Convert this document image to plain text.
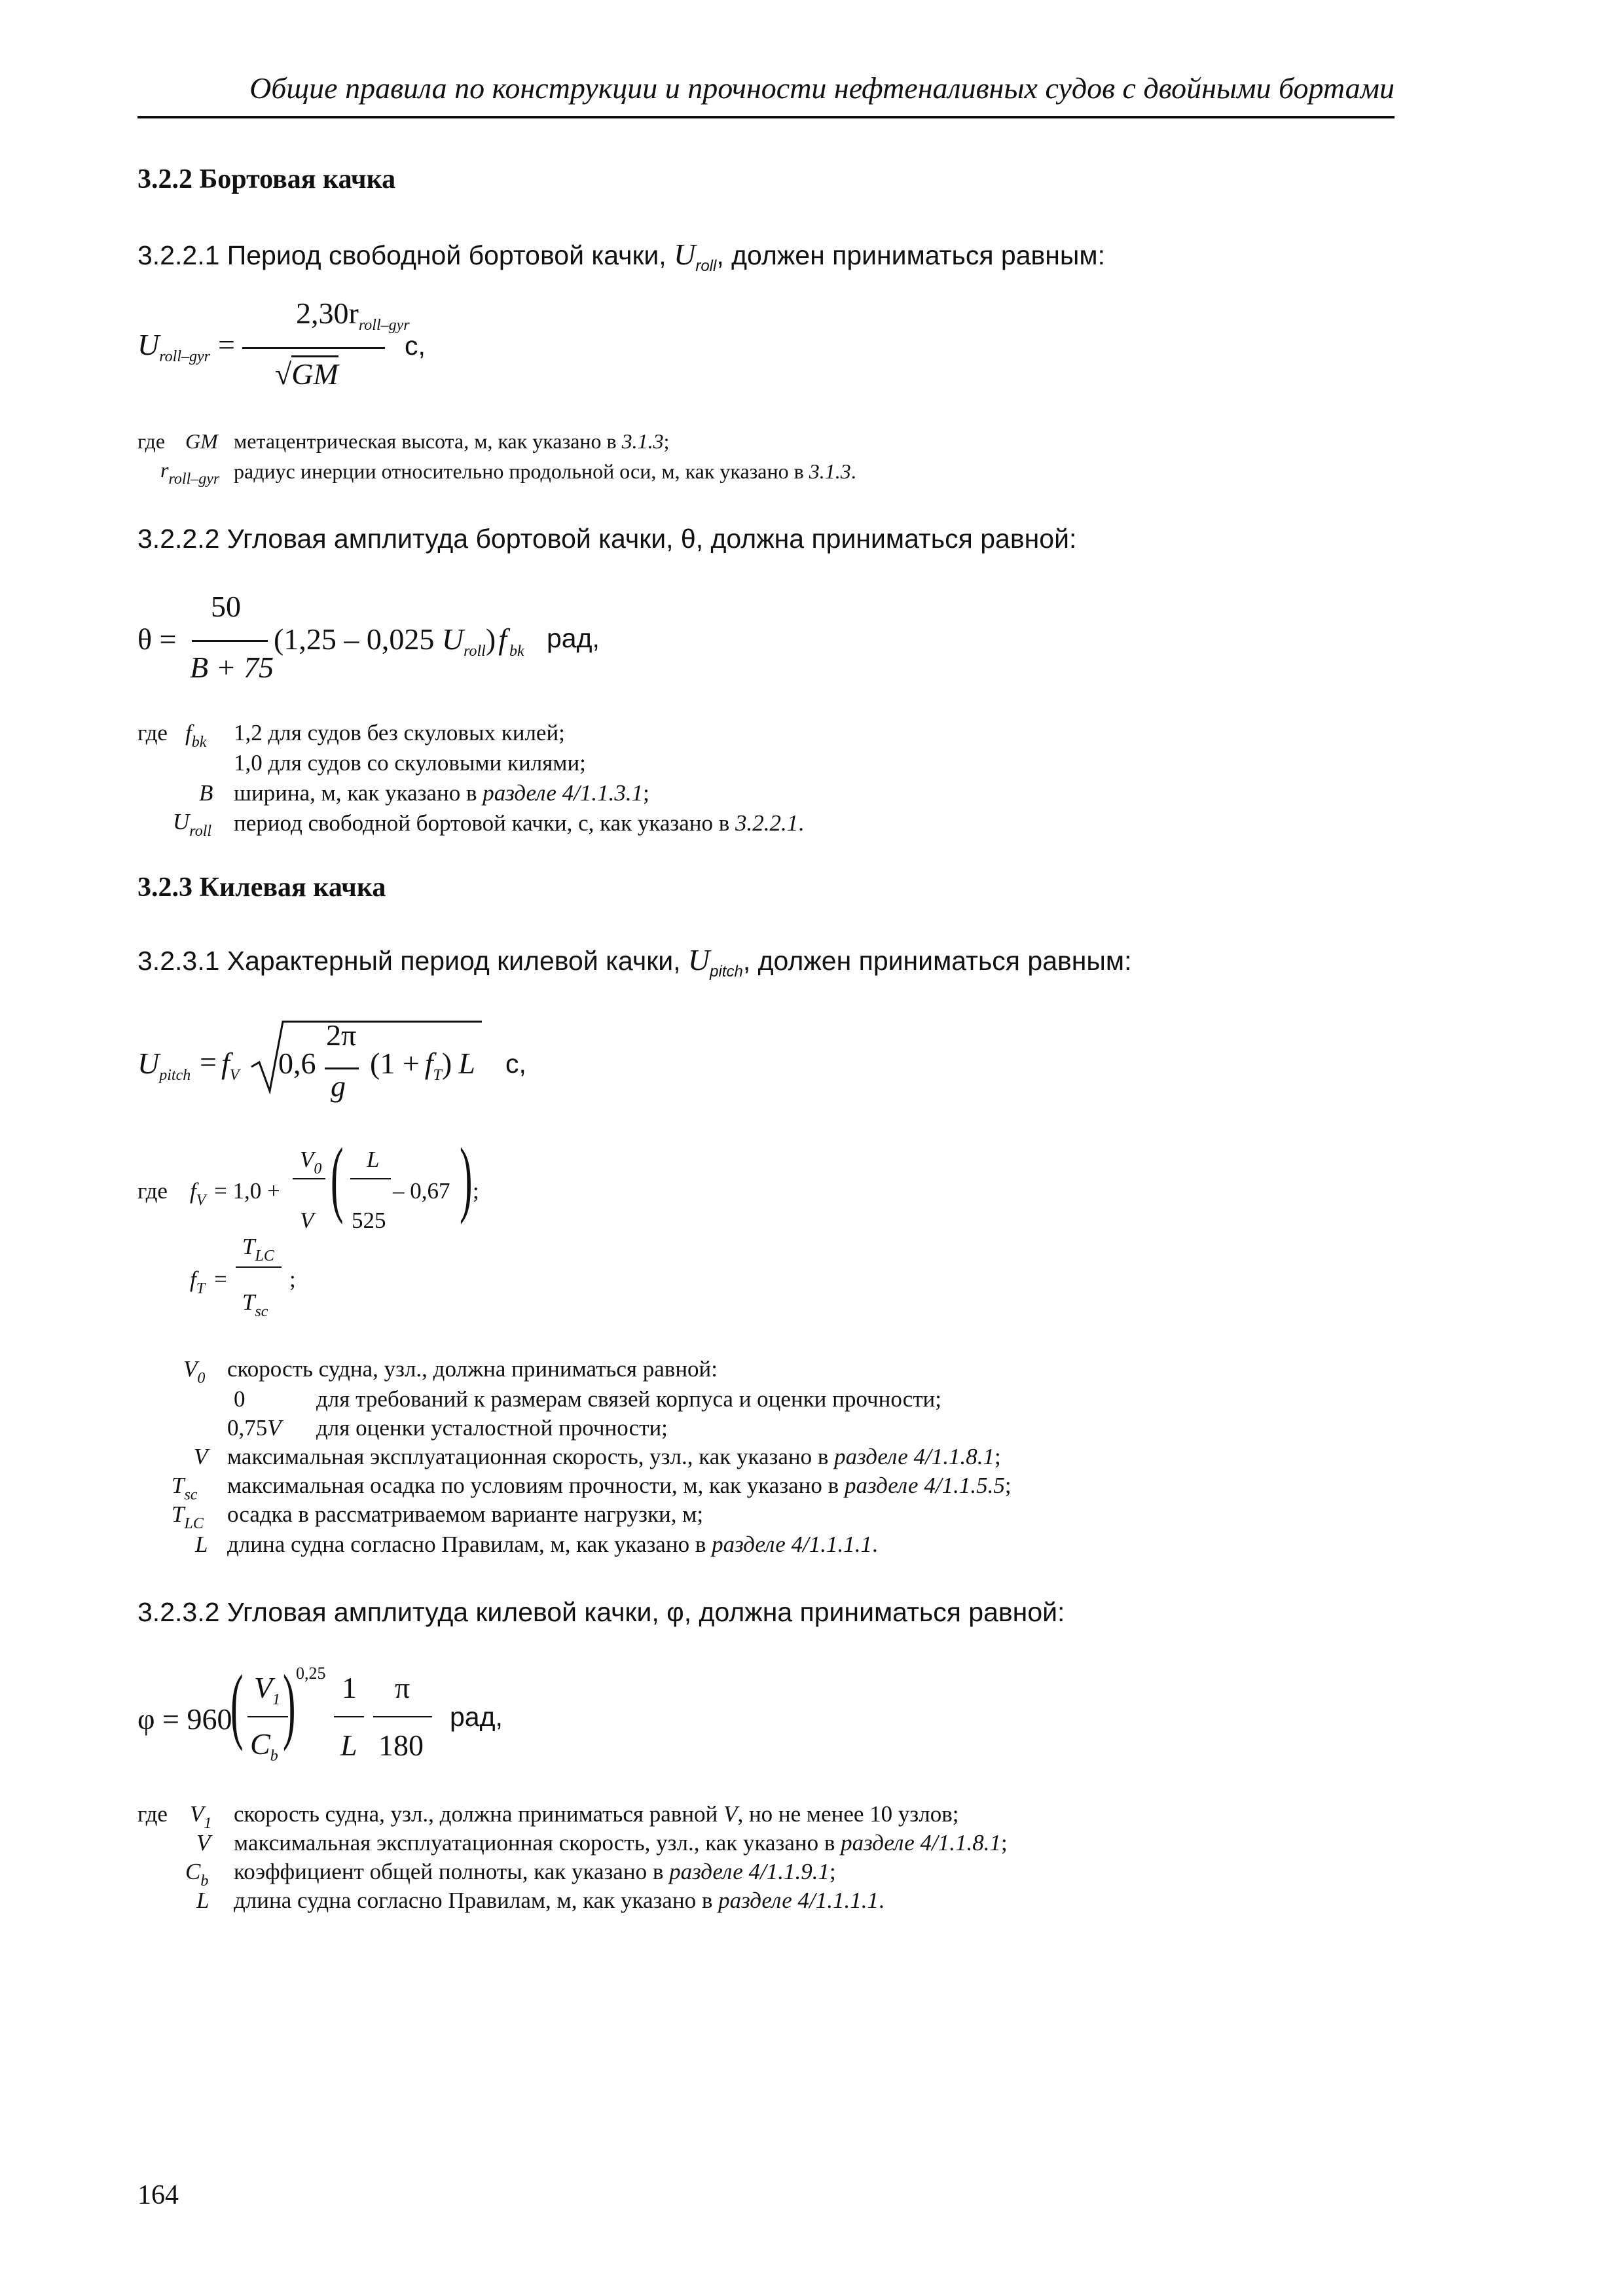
Общие правила по конструкции и прочности нефтеналивных судов с двойными бортами
3.2.2 Бортовая качка
3.2.2.1 Период свободной бортовой качки, $U_{roll}$, должен приниматься равным:
$U_{roll-gyr}$ =
$2,30r_{roll-gyr}$
√GM
с,
где GM метацентрическая высота, м, как указано в 3.1.3;
$r_{roll-gyr}$ радиус инерции относительно продольной оси, м, как указано в 3.1.3.
3.2.2.2 Угловая амплитуда бортовой качки, θ, должна приниматься равной:
θ =
50
B + 75
(1,25 – 0,025 $U_{roll})f$ $_{bk}$ рад,
где $f_{bk}$ 1,2 для судов без скуловых килей;
1,0 для судов со скуловыми килями;
B ширина, м, как указано в разделе 4/1.1.3.1;
$U_{roll}$ период свободной бортовой качки, с, как указано в 3.2.2.1.
3.2.3 Килевая качка
3.2.3.1 Характерный период килевой качки, $U_{pitch}$, должен приниматься равным:
$U_{pitch} = f_V$ 0,6
2π
g
$(1 + f_T)$ L с,
где $f_V = 1,0$ +
$V_0$
V ( L
525
– 0,67 ) ;
$f_T$ =
$T_{LC}$
$T_{sc}$
;
$V_0$ скорость судна, узл., должна приниматься равной:
0	для требований к размерам связей корпуса и оценки прочности;
0,75V для оценки усталостной прочности;
V максимальная эксплуатационная скорость, узл., как указано в разделе 4/1.1.8.1;
$T_{sc}$ максимальная осадка по условиям прочности, м, как указано в разделе 4/1.1.5.5;
$T_{LC}$ осадка в рассматриваемом варианте нагрузки, м;
L длина судна согласно Правилам, м, как указано в разделе 4/1.1.1.1.
3.2.3.2 Угловая амплитуда килевой качки, φ, должна приниматься равной:
φ = 960
( $V_1$
$C_b$
) 0,25 1
L
π
180
рад,
где $V_1$ скорость судна, узл., должна приниматься равной V, но не менее 10 узлов;
V максимальная эксплуатационная скорость, узл., как указано в разделе 4/1.1.8.1;
$C_b$ коэффициент общей полноты, как указано в разделе 4/1.1.9.1;
L длина судна согласно Правилам, м, как указано в разделе 4/1.1.1.1.
164
